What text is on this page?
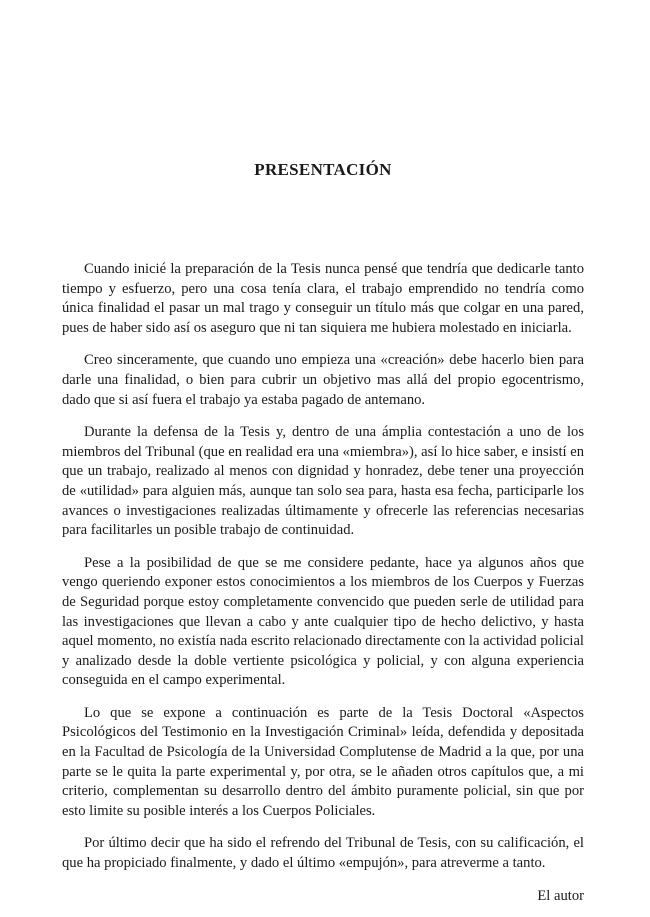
PRESENTACIÓN

Cuando inicié la preparación de la Tesis nunca pensé que tendría que dedicarle tanto tiempo y esfuerzo, pero una cosa tenía clara, el trabajo emprendido no tendría como única finalidad el pasar un mal trago y conseguir un título más que colgar en una pared, pues de haber sido así os aseguro que ni tan siquiera me hubiera molestado en iniciarla.

Creo sinceramente, que cuando uno empieza una «creación» debe hacerlo bien para darle una finalidad, o bien para cubrir un objetivo mas allá del propio egocentrismo, dado que si así fuera el trabajo ya estaba pagado de antemano.

Durante la defensa de la Tesis y, dentro de una ámplia contestación a uno de los miembros del Tribunal (que en realidad era una «miembra»), así lo hice saber, e insistí en que un trabajo, realizado al menos con dignidad y honradez, debe tener una proyección de «utilidad» para alguien más, aunque tan solo sea para, hasta esa fecha, participarle los avances o investigaciones realizadas últimamente y ofrecerle las referencias necesarias para facilitarles un posible trabajo de continuidad.

Pese a la posibilidad de que se me considere pedante, hace ya algunos años que vengo queriendo exponer estos conocimientos a los miembros de los Cuerpos y Fuerzas de Seguridad porque estoy completamente convencido que pueden serle de utilidad para las investigaciones que llevan a cabo y ante cualquier tipo de hecho delictivo, y hasta aquel momento, no existía nada escrito relacionado directamente con la actividad policial y analizado desde la doble vertiente psicológica y policial, y con alguna experiencia conseguida en el campo experimental.

Lo que se expone a continuación es parte de la Tesis Doctoral «Aspectos Psicológicos del Testimonio en la Investigación Criminal» leída, defendida y depositada en la Facultad de Psicología de la Universidad Complutense de Madrid a la que, por una parte se le quita la parte experimental y, por otra, se le añaden otros capítulos que, a mi criterio, complementan su desarrollo dentro del ámbito puramente policial, sin que por esto limite su posible interés a los Cuerpos Policiales.

Por último decir que ha sido el refrendo del Tribunal de Tesis, con su calificación, el que ha propiciado finalmente, y dado el último «empujón», para atreverme a tanto.

El autor
